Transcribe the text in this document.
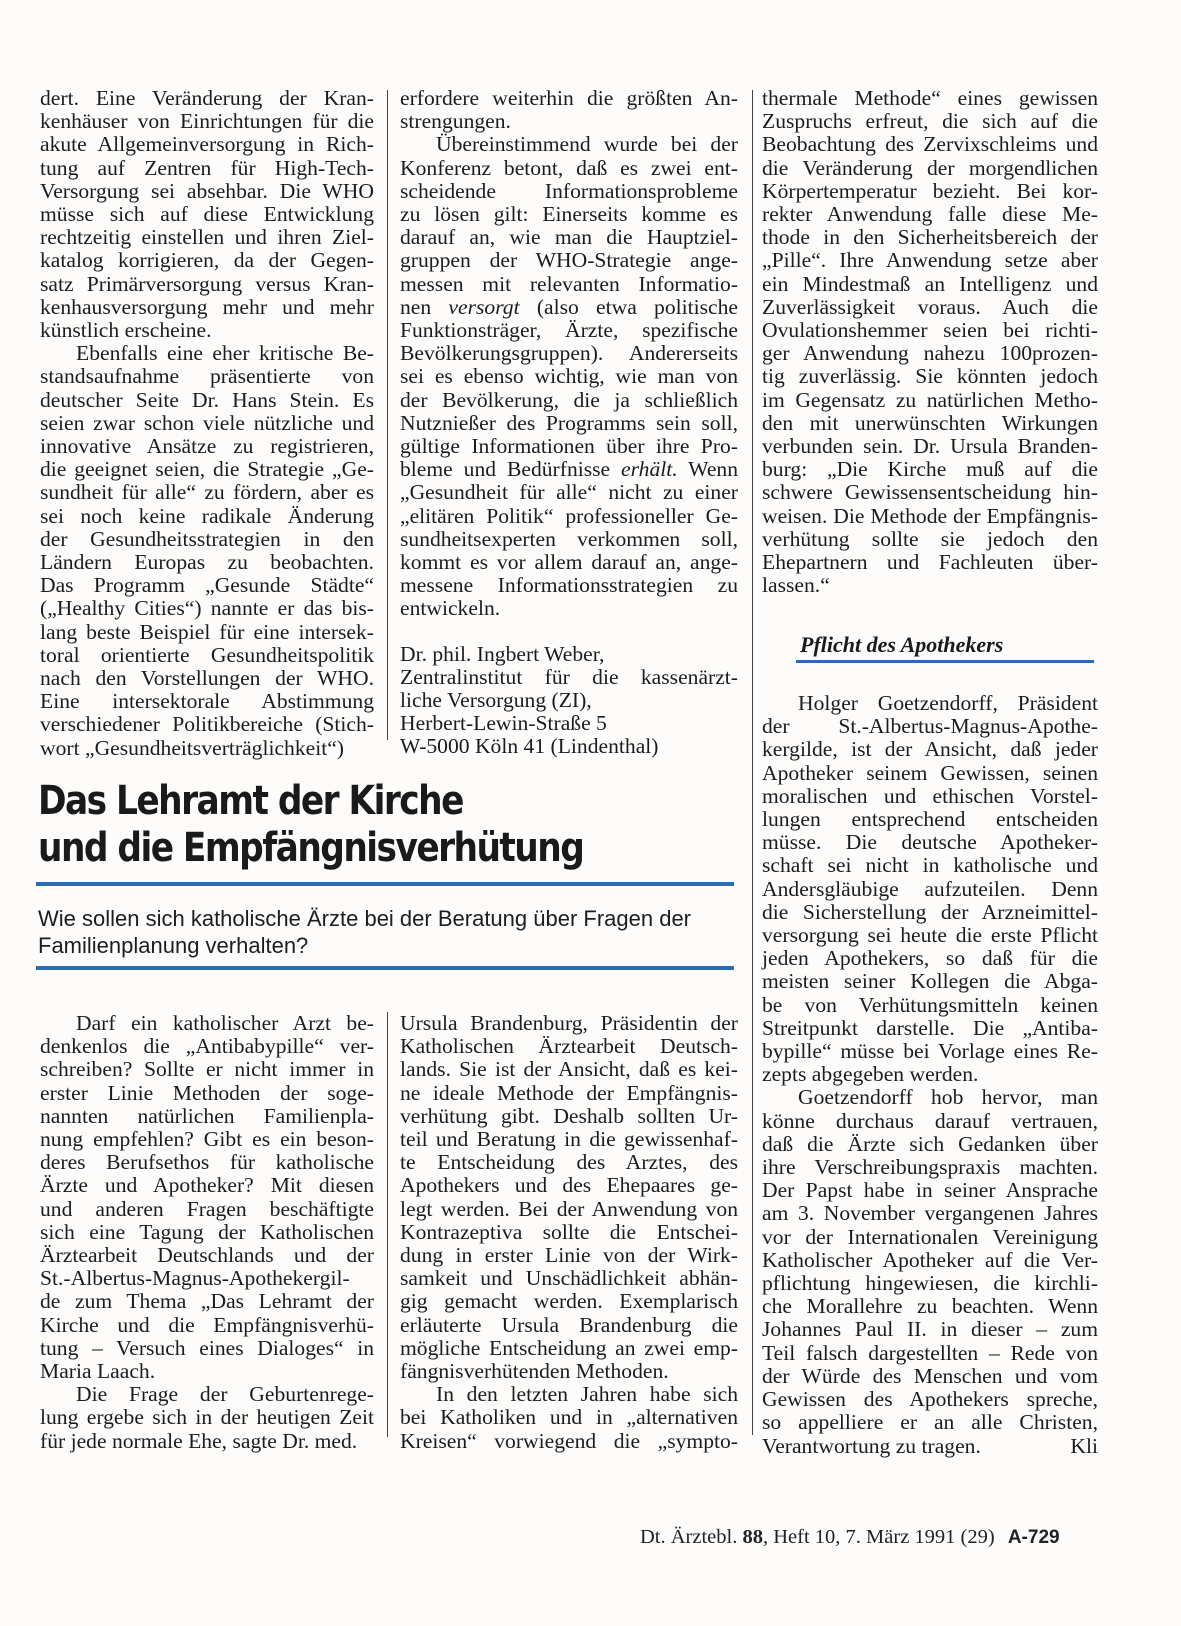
dert. Eine Veränderung der Kran-

kenhäuser von Einrichtungen für die

akute Allgemeinversorgung in Rich-

tung auf Zentren für High-Tech-

Versorgung sei absehbar. Die WHO

müsse sich auf diese Entwicklung

rechtzeitig einstellen und ihren Ziel-

katalog korrigieren, da der Gegen-

satz Primärversorgung versus Kran-

kenhausversorgung mehr und mehr

künstlich erscheine.

Ebenfalls eine eher kritische Be-

standsaufnahme präsentierte von

deutscher Seite Dr. Hans Stein. Es

seien zwar schon viele nützliche und

innovative Ansätze zu registrieren,

die geeignet seien, die Strategie „Ge-

sundheit für alle“ zu fördern, aber es

sei noch keine radikale Änderung

der Gesundheitsstrategien in den

Ländern Europas zu beobachten.

Das Programm „Gesunde Städte“

(„Healthy Cities“) nannte er das bis-

lang beste Beispiel für eine intersek-

toral orientierte Gesundheitspolitik

nach den Vorstellungen der WHO.

Eine intersektorale Abstimmung

verschiedener Politikbereiche (Stich-

wort „Gesundheitsverträglichkeit“)

erfordere weiterhin die größten An-

strengungen.

Übereinstimmend wurde bei der

Konferenz betont, daß es zwei ent-

scheidende Informationsprobleme

zu lösen gilt: Einerseits komme es

darauf an, wie man die Hauptziel-

gruppen der WHO-Strategie ange-

messen mit relevanten Informatio-

nen versorgt (also etwa politische

Funktionsträger, Ärzte, spezifische

Bevölkerungsgruppen). Andererseits

sei es ebenso wichtig, wie man von

der Bevölkerung, die ja schließlich

Nutznießer des Programms sein soll,

gültige Informationen über ihre Pro-

bleme und Bedürfnisse erhält. Wenn

„Gesundheit für alle“ nicht zu einer

„elitären Politik“ professioneller Ge-

sundheitsexperten verkommen soll,

kommt es vor allem darauf an, ange-

messene Informationsstrategien zu

entwickeln.

Dr. phil. Ingbert Weber,

Zentralinstitut für die kassenärzt-

liche Versorgung (ZI),

Herbert-Lewin-Straße 5

W-5000 Köln 41 (Lindenthal)

thermale Methode“ eines gewissen

Zuspruchs erfreut, die sich auf die

Beobachtung des Zervixschleims und

die Veränderung der morgendlichen

Körpertemperatur bezieht. Bei kor-

rekter Anwendung falle diese Me-

thode in den Sicherheitsbereich der

„Pille“. Ihre Anwendung setze aber

ein Mindestmaß an Intelligenz und

Zuverlässigkeit voraus. Auch die

Ovulationshemmer seien bei richti-

ger Anwendung nahezu 100prozen-

tig zuverlässig. Sie könnten jedoch

im Gegensatz zu natürlichen Metho-

den mit unerwünschten Wirkungen

verbunden sein. Dr. Ursula Branden-

burg: „Die Kirche muß auf die

schwere Gewissensentscheidung hin-

weisen. Die Methode der Empfängnis-

verhütung sollte sie jedoch den

Ehepartnern und Fachleuten über-

lassen.“

Das Lehramt der Kirche
und die Empfängnisverhütung
Wie sollen sich katholische Ärzte bei der Beratung über Fragen der
Familienplanung verhalten?
Pflicht des Apothekers

Darf ein katholischer Arzt be-

denkenlos die „Antibabypille“ ver-

schreiben? Sollte er nicht immer in

erster Linie Methoden der soge-

nannten natürlichen Familienpla-

nung empfehlen? Gibt es ein beson-

deres Berufsethos für katholische

Ärzte und Apotheker? Mit diesen

und anderen Fragen beschäftigte

sich eine Tagung der Katholischen

Ärztearbeit Deutschlands und der

St.-Albertus-Magnus-Apothekergil-

de zum Thema „Das Lehramt der

Kirche und die Empfängnisverhü-

tung – Versuch eines Dialoges“ in

Maria Laach.

Die Frage der Geburtenrege-

lung ergebe sich in der heutigen Zeit

für jede normale Ehe, sagte Dr. med.

Ursula Brandenburg, Präsidentin der

Katholischen Ärztearbeit Deutsch-

lands. Sie ist der Ansicht, daß es kei-

ne ideale Methode der Empfängnis-

verhütung gibt. Deshalb sollten Ur-

teil und Beratung in die gewissenhaf-

te Entscheidung des Arztes, des

Apothekers und des Ehepaares ge-

legt werden. Bei der Anwendung von

Kontrazeptiva sollte die Entschei-

dung in erster Linie von der Wirk-

samkeit und Unschädlichkeit abhän-

gig gemacht werden. Exemplarisch

erläuterte Ursula Brandenburg die

mögliche Entscheidung an zwei emp-

fängnisverhütenden Methoden.

In den letzten Jahren habe sich

bei Katholiken und in „alternativen

Kreisen“ vorwiegend die „sympto-

Holger Goetzendorff, Präsident

der St.-Albertus-Magnus-Apothe-

kergilde, ist der Ansicht, daß jeder

Apotheker seinem Gewissen, seinen

moralischen und ethischen Vorstel-

lungen entsprechend entscheiden

müsse. Die deutsche Apotheker-

schaft sei nicht in katholische und

Andersgläubige aufzuteilen. Denn

die Sicherstellung der Arzneimittel-

versorgung sei heute die erste Pflicht

jeden Apothekers, so daß für die

meisten seiner Kollegen die Abga-

be von Verhütungsmitteln keinen

Streitpunkt darstelle. Die „Antiba-

bypille“ müsse bei Vorlage eines Re-

zepts abgegeben werden.

Goetzendorff hob hervor, man

könne durchaus darauf vertrauen,

daß die Ärzte sich Gedanken über

ihre Verschreibungspraxis machten.

Der Papst habe in seiner Ansprache

am 3. November vergangenen Jahres

vor der Internationalen Vereinigung

Katholischer Apotheker auf die Ver-

pflichtung hingewiesen, die kirchli-

che Morallehre zu beachten. Wenn

Johannes Paul II. in dieser – zum

Teil falsch dargestellten – Rede von

der Würde des Menschen und vom

Gewissen des Apothekers spreche,

so appelliere er an alle Christen,

Verantwortung zu tragen.	Kli

Dt. Ärztebl. 88, Heft 10, 7. März 1991 (29) A-729
